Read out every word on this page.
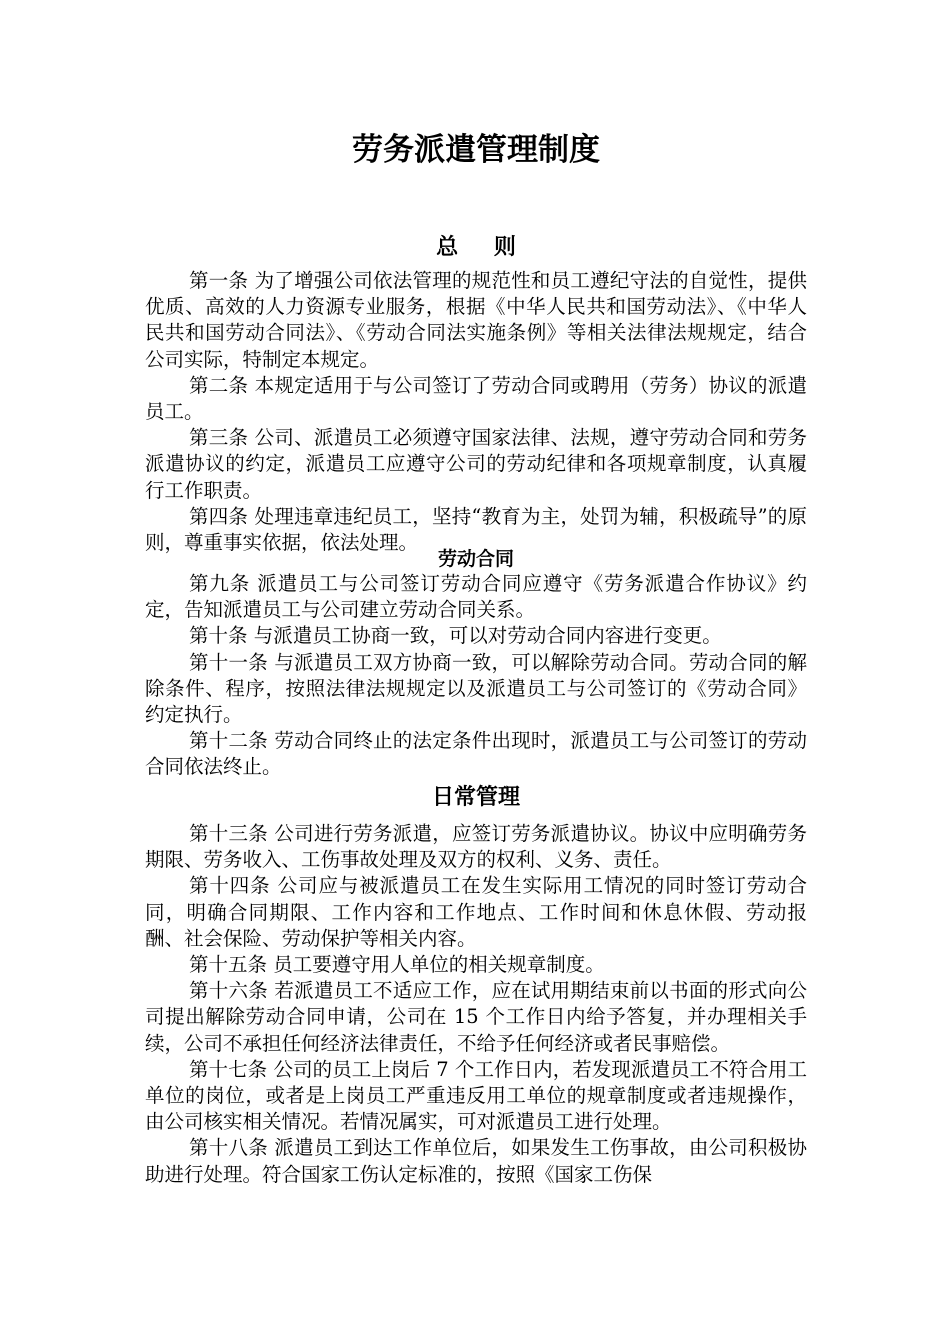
劳务派遣管理制度
总 则

第一条 为了增强公司依法管理的规范性和员工遵纪守法的自觉性，提供优质、高效的人力资源专业服务，根据《中华人民共和国劳动法》、《中华人民共和国劳动合同法》、《劳动合同法实施条例》等相关法律法规规定，结合公司实际，特制定本规定。

第二条 本规定适用于与公司签订了劳动合同或聘用（劳务）协议的派遣员工。

第三条 公司、派遣员工必须遵守国家法律、法规，遵守劳动合同和劳务派遣协议的约定，派遣员工应遵守公司的劳动纪律和各项规章制度，认真履行工作职责。

第四条 处理违章违纪员工，坚持“教育为主，处罚为辅，积极疏导”的原则，尊重事实依据，依法处理。

劳动合同

第九条 派遣员工与公司签订劳动合同应遵守《劳务派遣合作协议》约定，告知派遣员工与公司建立劳动合同关系。

第十条 与派遣员工协商一致，可以对劳动合同内容进行变更。

第十一条 与派遣员工双方协商一致，可以解除劳动合同。劳动合同的解除条件、程序，按照法律法规规定以及派遣员工与公司签订的《劳动合同》约定执行。

第十二条 劳动合同终止的法定条件出现时，派遣员工与公司签订的劳动合同依法终止。

日常管理

第十三条 公司进行劳务派遣，应签订劳务派遣协议。协议中应明确劳务期限、劳务收入、工伤事故处理及双方的权利、义务、责任。

第十四条 公司应与被派遣员工在发生实际用工情况的同时签订劳动合同，明确合同期限、工作内容和工作地点、工作时间和休息休假、劳动报酬、社会保险、劳动保护等相关内容。

第十五条 员工要遵守用人单位的相关规章制度。

第十六条 若派遣员工不适应工作，应在试用期结束前以书面的形式向公司提出解除劳动合同申请，公司在 15 个工作日内给予答复，并办理相关手续，公司不承担任何经济法律责任，不给予任何经济或者民事赔偿。

第十七条 公司的员工上岗后 7 个工作日内，若发现派遣员工不符合用工单位的岗位，或者是上岗员工严重违反用工单位的规章制度或者违规操作，由公司核实相关情况。若情况属实，可对派遣员工进行处理。

第十八条 派遣员工到达工作单位后，如果发生工伤事故，由公司积极协助进行处理。符合国家工伤认定标准的，按照《国家工伤保
